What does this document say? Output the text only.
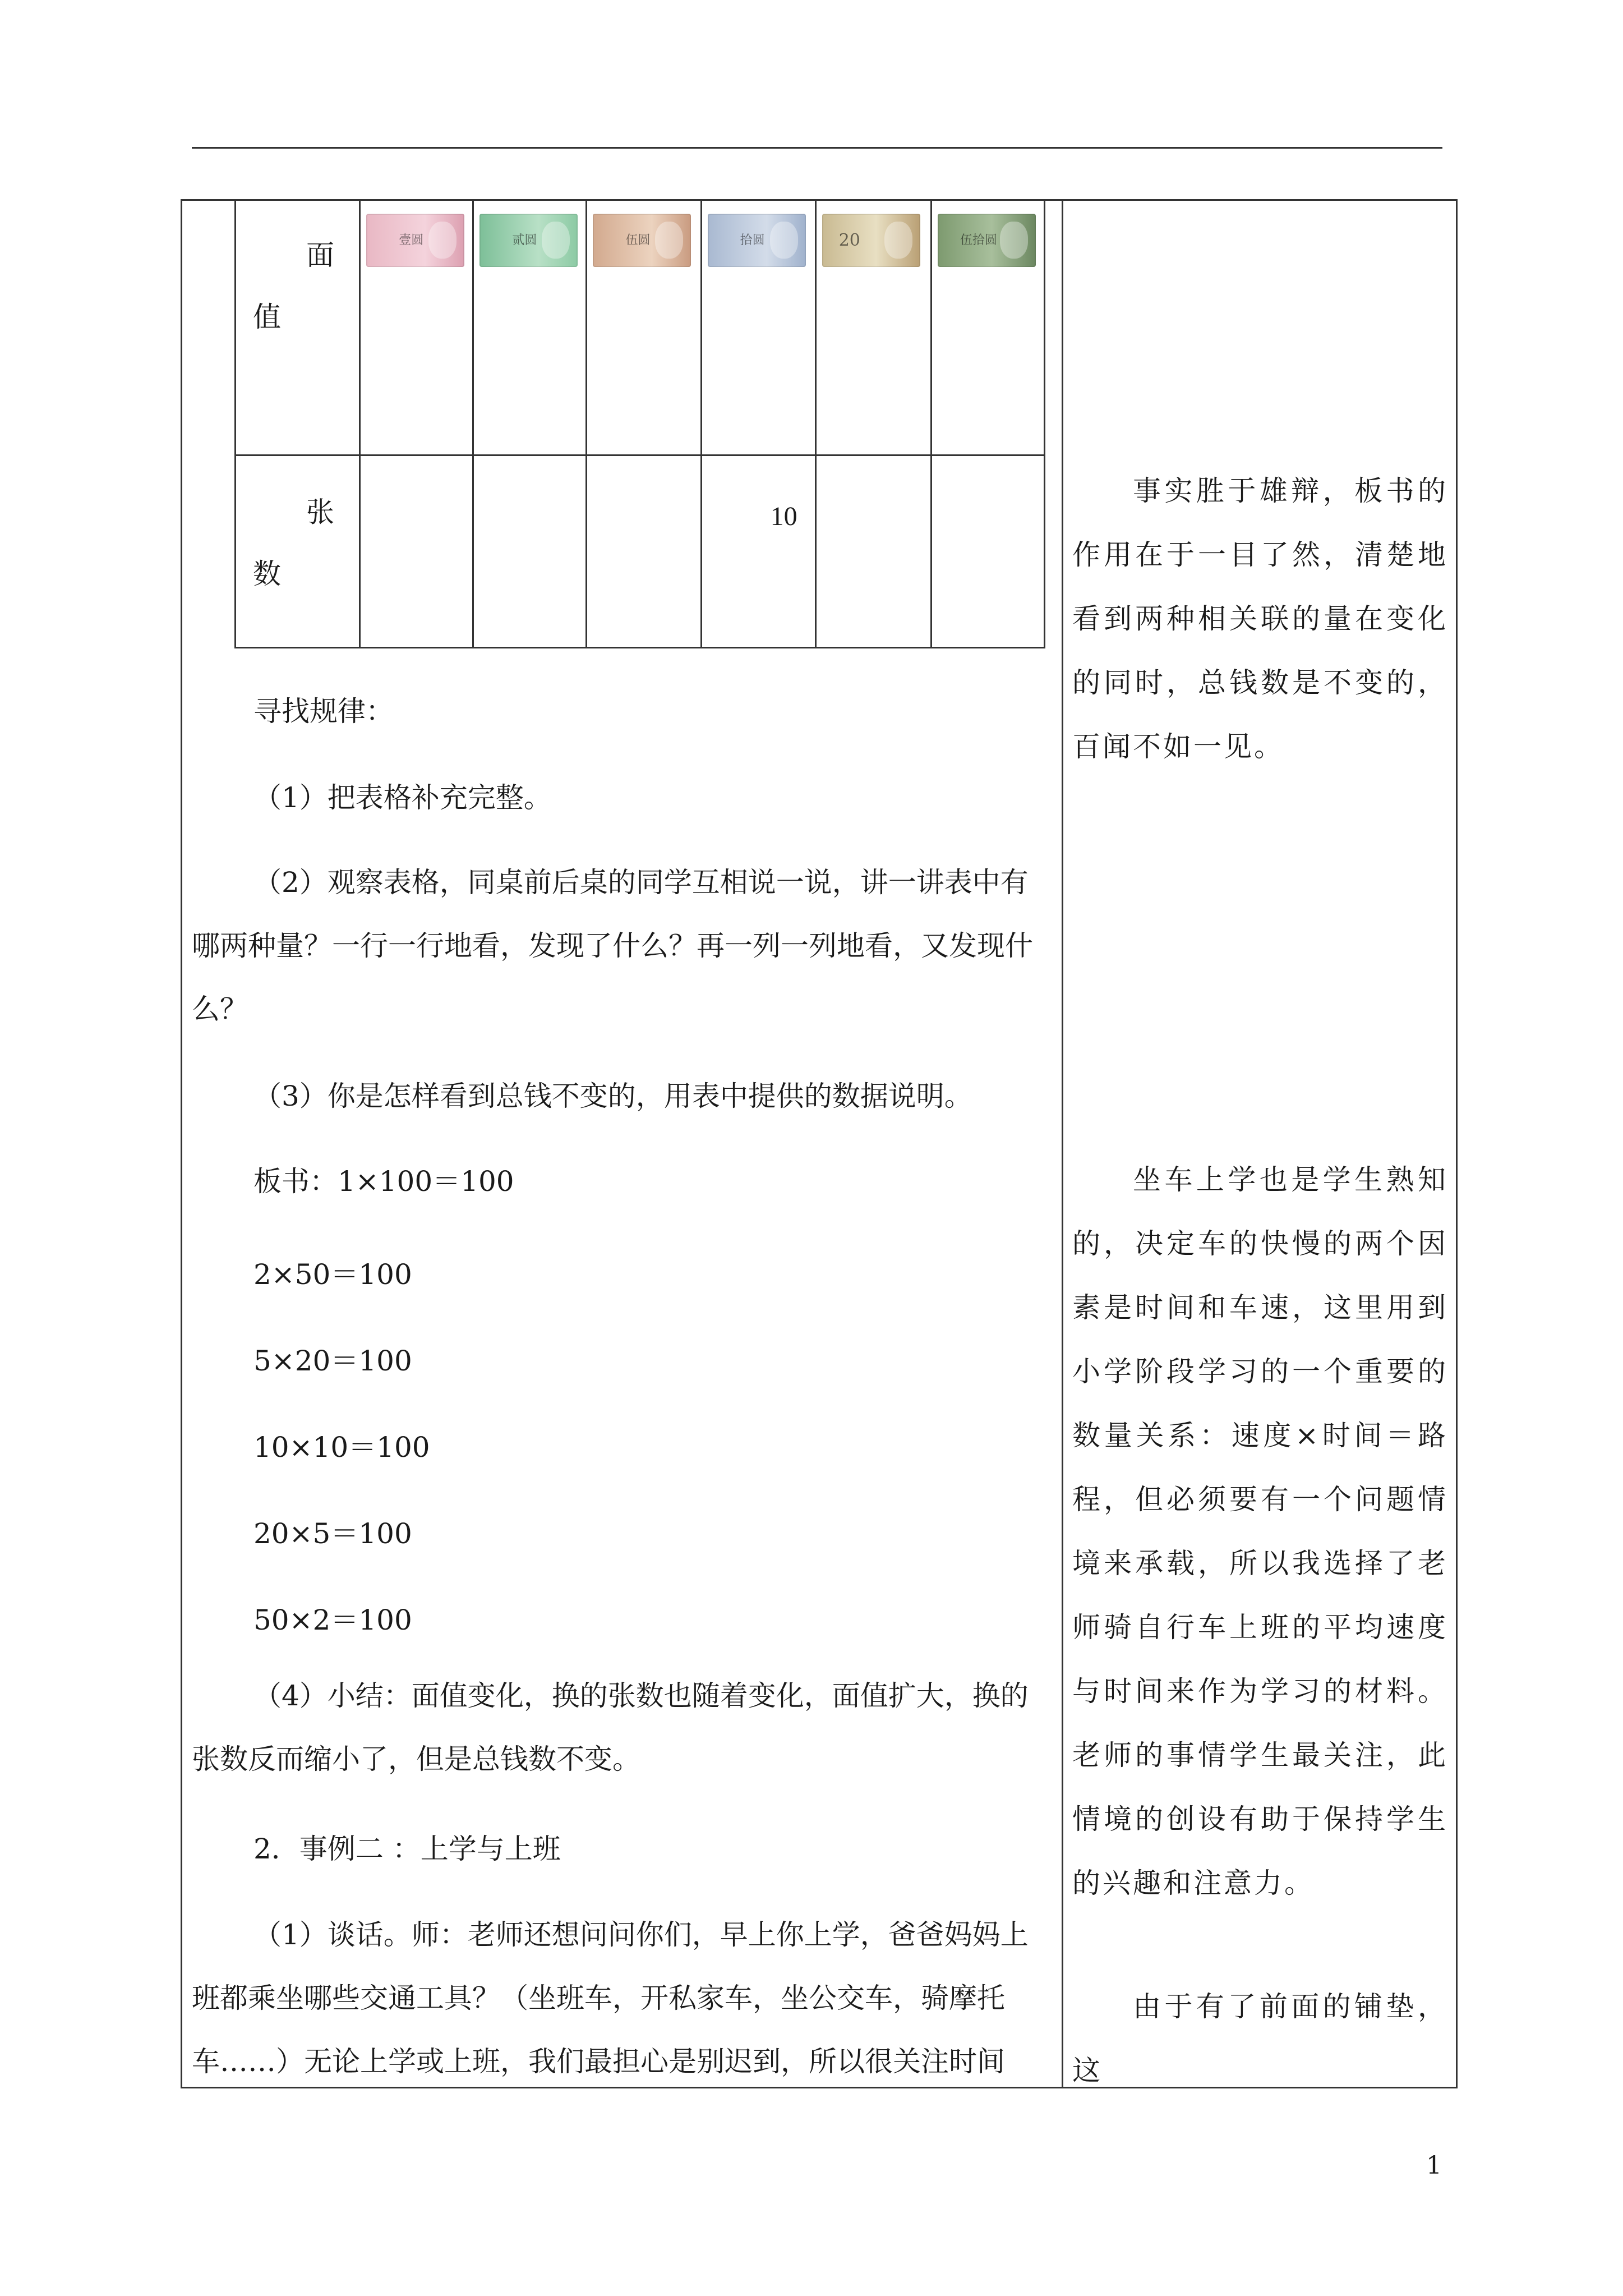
面
值	壹圆	贰圆	伍圆	拾圆	20	伍拾圆

张
数				10		

寻找规律：

（1）把表格补充完整。

（2）观察表格，同桌前后桌的同学互相说一说，讲一讲表中有哪两种量？一行一行地看，发现了什么？再一列一列地看，又发现什么？

（3）你是怎样看到总钱不变的，用表中提供的数据说明。

板书：1×100＝100

2×50＝100

5×20＝100

10×10＝100

20×5＝100

50×2＝100

（4）小结：面值变化，换的张数也随着变化，面值扩大，换的张数反而缩小了，但是总钱数不变。

2．事例二 ：上学与上班

（1）谈话。师：老师还想问问你们，早上你上学，爸爸妈妈上班都乘坐哪些交通工具？（坐班车，开私家车，坐公交车，骑摩托车……）无论上学或上班，我们最担心是别迟到，所以很关注时间

事实胜于雄辩，板书的作用在于一目了然，清楚地看到两种相关联的量在变化的同时，总钱数是不变的，百闻不如一见。

坐车上学也是学生熟知的，决定车的快慢的两个因素是时间和车速，这里用到小学阶段学习的一个重要的数量关系：速度×时间＝路程，但必须要有一个问题情境来承载，所以我选择了老师骑自行车上班的平均速度与时间来作为学习的材料。老师的事情学生最关注，此情境的创设有助于保持学生的兴趣和注意力。

由于有了前面的铺垫，这

1
